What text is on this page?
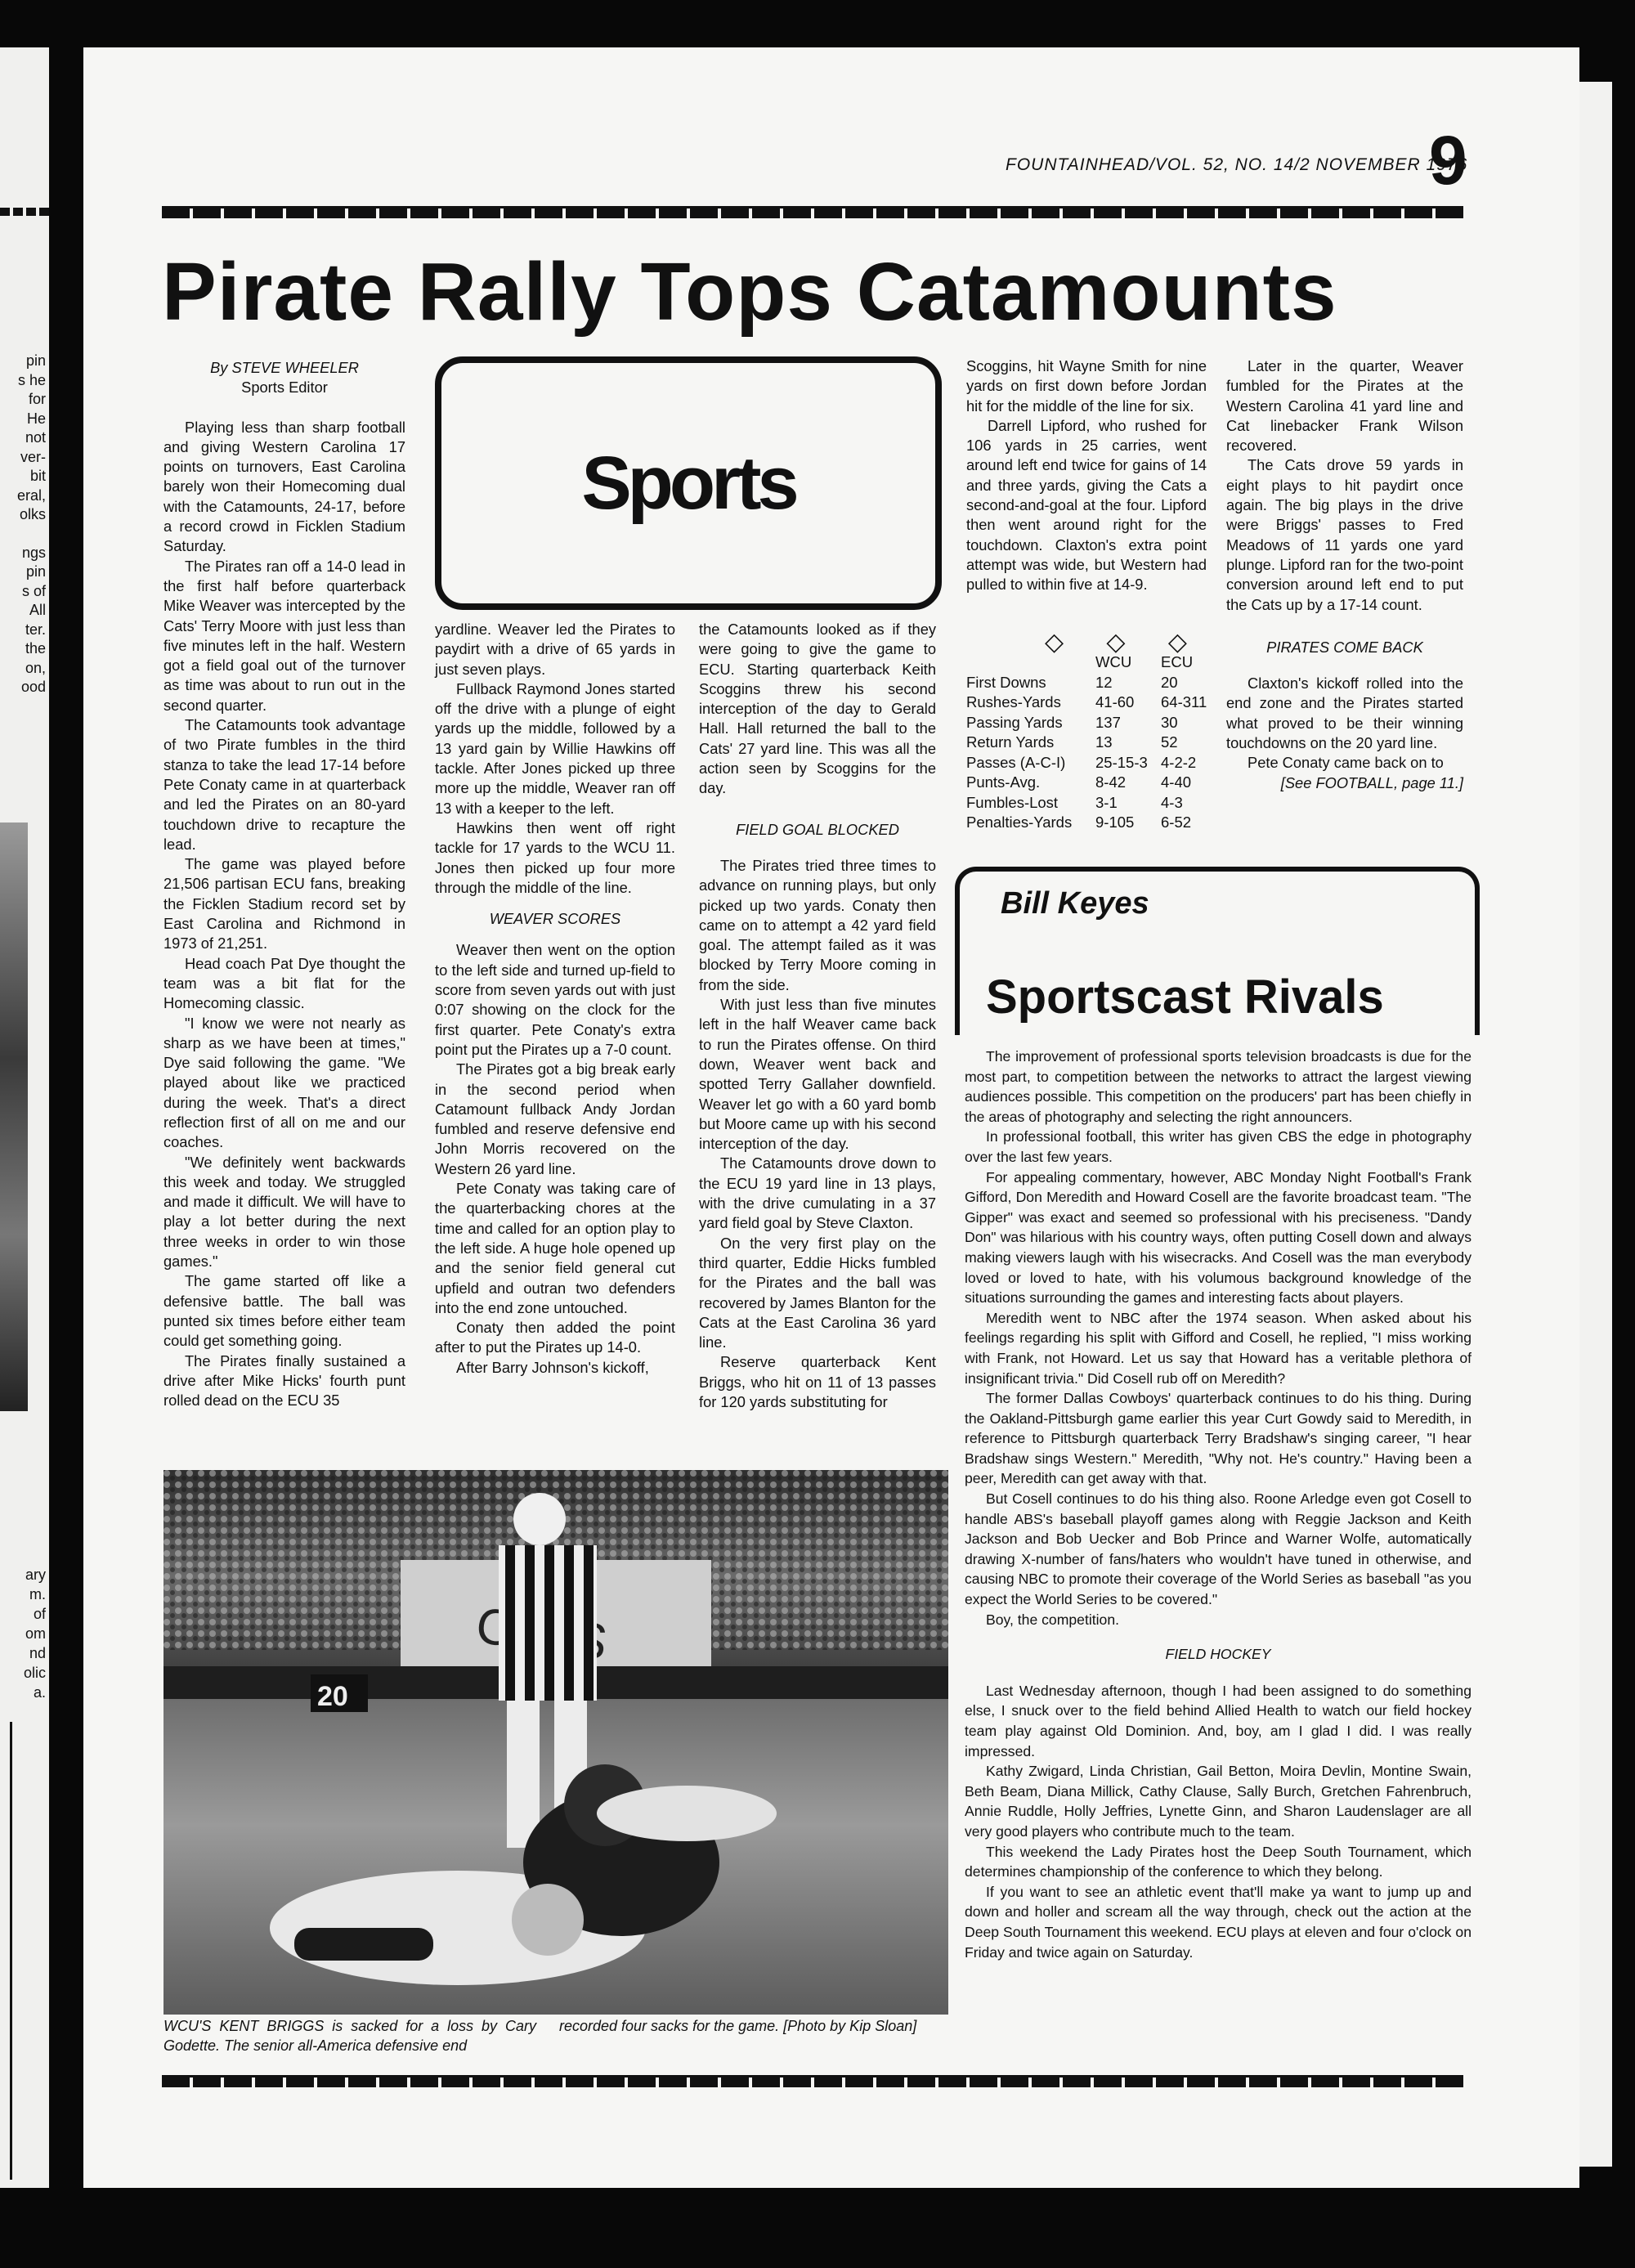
pin
s he
for
He
not
ver-
bit
eral,
olks
ngs
pin
s of
All
ter.
the
on,
ood
ary
m.
of
om
nd
olic
a.
FOUNTAINHEAD/VOL. 52, NO. 14/2 NOVEMBER 1976
9
Pirate Rally Tops Catamounts

By STEVE WHEELER

Sports Editor

Playing less than sharp football and giving Western Carolina 17 points on turnovers, East Carolina barely won their Homecoming dual with the Catamounts, 24-17, before a record crowd in Ficklen Stadium Saturday.

The Pirates ran off a 14-0 lead in the first half before quarterback Mike Weaver was intercepted by the Cats' Terry Moore with just less than five minutes left in the half. Western got a field goal out of the turnover as time was about to run out in the second quarter.

The Catamounts took advantage of two Pirate fumbles in the third stanza to take the lead 17-14 before Pete Conaty came in at quarterback and led the Pirates on an 80-yard touchdown drive to recapture the lead.

The game was played before 21,506 partisan ECU fans, breaking the Ficklen Stadium record set by East Carolina and Richmond in 1973 of 21,251.

Head coach Pat Dye thought the team was a bit flat for the Homecoming classic.

"I know we were not nearly as sharp as we have been at times," Dye said following the game. "We played about like we practiced during the week. That's a direct reflection first of all on me and our coaches.

"We definitely went backwards this week and today. We struggled and made it difficult. We will have to play a lot better during the next three weeks in order to win those games."

The game started off like a defensive battle. The ball was punted six times before either team could get something going.

The Pirates finally sustained a drive after Mike Hicks' fourth punt rolled dead on the ECU 35

Sports

yardline. Weaver led the Pirates to paydirt with a drive of 65 yards in just seven plays.

Fullback Raymond Jones started off the drive with a plunge of eight yards up the middle, followed by a 13 yard gain by Willie Hawkins off tackle. After Jones picked up three more up the middle, Weaver ran off 13 with a keeper to the left.

Hawkins then went off right tackle for 17 yards to the WCU 11. Jones then picked up four more through the middle of the line.

WEAVER SCORES

Weaver then went on the option to the left side and turned up-field to score from seven yards out with just 0:07 showing on the clock for the first quarter. Pete Conaty's extra point put the Pirates up a 7-0 count.

The Pirates got a big break early in the second period when Catamount fullback Andy Jordan fumbled and reserve defensive end John Morris recovered on the Western 26 yard line.

Pete Conaty was taking care of the quarterbacking chores at the time and called for an option play to the left side. A huge hole opened up and the senior field general cut upfield and outran two defenders into the end zone untouched.

Conaty then added the point after to put the Pirates up 14-0.

After Barry Johnson's kickoff,

the Catamounts looked as if they were going to give the game to ECU. Starting quarterback Keith Scoggins threw his second interception of the day to Gerald Hall. Hall returned the ball to the Cats' 27 yard line. This was all the action seen by Scoggins for the day.

FIELD GOAL BLOCKED

The Pirates tried three times to advance on running plays, but only picked up two yards. Conaty then came on to attempt a 42 yard field goal. The attempt failed as it was blocked by Terry Moore coming in from the side.

With just less than five minutes left in the half Weaver came back to run the Pirates offense. On third down, Weaver went back and spotted Terry Gallaher downfield. Weaver let go with a 60 yard bomb but Moore came up with his second interception of the day.

The Catamounts drove down to the ECU 19 yard line in 13 plays, with the drive cumulating in a 37 yard field goal by Steve Claxton.

On the very first play on the third quarter, Eddie Hicks fumbled for the Pirates and the ball was recovered by James Blanton for the Cats at the East Carolina 36 yard line.

Reserve quarterback Kent Briggs, who hit on 11 of 13 passes for 120 yards substituting for

Scoggins, hit Wayne Smith for nine yards on first down before Jordan hit for the middle of the line for six.

Darrell Lipford, who rushed for 106 yards in 25 carries, went around left end twice for gains of 14 and three yards, giving the Cats a second-and-goal at the four. Lipford then went around right for the touchdown. Claxton's extra point attempt was wide, but Western had pulled to within five at 14-9.

◇ ◇ ◇
	WCU	ECU
First Downs	12	20
Rushes-Yards	41-60	64-311
Passing Yards	137	30
Return Yards	13	52
Passes (A-C-I)	25-15-3	4-2-2
Punts-Avg.	8-42	4-40
Fumbles-Lost	3-1	4-3
Penalties-Yards	9-105	6-52

Later in the quarter, Weaver fumbled for the Pirates at the Western Carolina 41 yard line and Cat linebacker Frank Wilson recovered.

The Cats drove 59 yards in eight plays to hit paydirt once again. The big plays in the drive were Briggs' passes to Fred Meadows of 11 yards one yard plunge. Lipford ran for the two-point conversion around left end to put the Cats up by a 17-14 count.

PIRATES COME BACK

Claxton's kickoff rolled into the end zone and the Pirates started what proved to be their winning touchdowns on the 20 yard line.

Pete Conaty came back on to

[See FOOTBALL, page 11.]

Bill Keyes
Sportscast Rivals

The improvement of professional sports television broadcasts is due for the most part, to competition between the networks to attract the largest viewing audiences possible. This competition on the producers' part has been chiefly in the areas of photography and selecting the right announcers.

In professional football, this writer has given CBS the edge in photography over the last few years.

For appealing commentary, however, ABC Monday Night Football's Frank Gifford, Don Meredith and Howard Cosell are the favorite broadcast team. "The Gipper" was exact and seemed so professional with his preciseness. "Dandy Don" was hilarious with his country ways, often putting Cosell down and always making viewers laugh with his wisecracks. And Cosell was the man everybody loved or loved to hate, with his volumous background knowledge of the situations surrounding the games and interesting facts about players.

Meredith went to NBC after the 1974 season. When asked about his feelings regarding his split with Gifford and Cosell, he replied, "I miss working with Frank, not Howard. Let us say that Howard has a veritable plethora of insignificant trivia." Did Cosell rub off on Meredith?

The former Dallas Cowboys' quarterback continues to do his thing. During the Oakland-Pittsburgh game earlier this year Curt Gowdy said to Meredith, in reference to Pittsburgh quarterback Terry Bradshaw's singing career, "I hear Bradshaw sings Western." Meredith, "Why not. He's country." Having been a peer, Meredith can get away with that.

But Cosell continues to do his thing also. Roone Arledge even got Cosell to handle ABS's baseball playoff games along with Reggie Jackson and Keith Jackson and Bob Uecker and Bob Prince and Warner Wolfe, automatically drawing X-number of fans/haters who wouldn't have tuned in otherwise, and causing NBC to promote their coverage of the World Series as baseball "as you expect the World Series to be covered."

Boy, the competition.

FIELD HOCKEY

Last Wednesday afternoon, though I had been assigned to do something else, I snuck over to the field behind Allied Health to watch our field hockey team play against Old Dominion. And, boy, am I glad I did. I was really impressed.

Kathy Zwigard, Linda Christian, Gail Betton, Moira Devlin, Montine Swain, Beth Beam, Diana Millick, Cathy Clause, Sally Burch, Gretchen Fahrenbruch, Annie Ruddle, Holly Jeffries, Lynette Ginn, and Sharon Laudenslager are all very good players who contribute much to the team.

This weekend the Lady Pirates host the Deep South Tournament, which determines championship of the conference to which they belong.

If you want to see an athletic event that'll make ya want to jump up and down and holler and scream all the way through, check out the action at the Deep South Tournament this weekend. ECU plays at eleven and four o'clock on Friday and twice again on Saturday.

20
WCU'S KENT BRIGGS is sacked for a loss by Cary Godette. The senior all-America defensive end
recorded four sacks for the game. [Photo by Kip Sloan]
